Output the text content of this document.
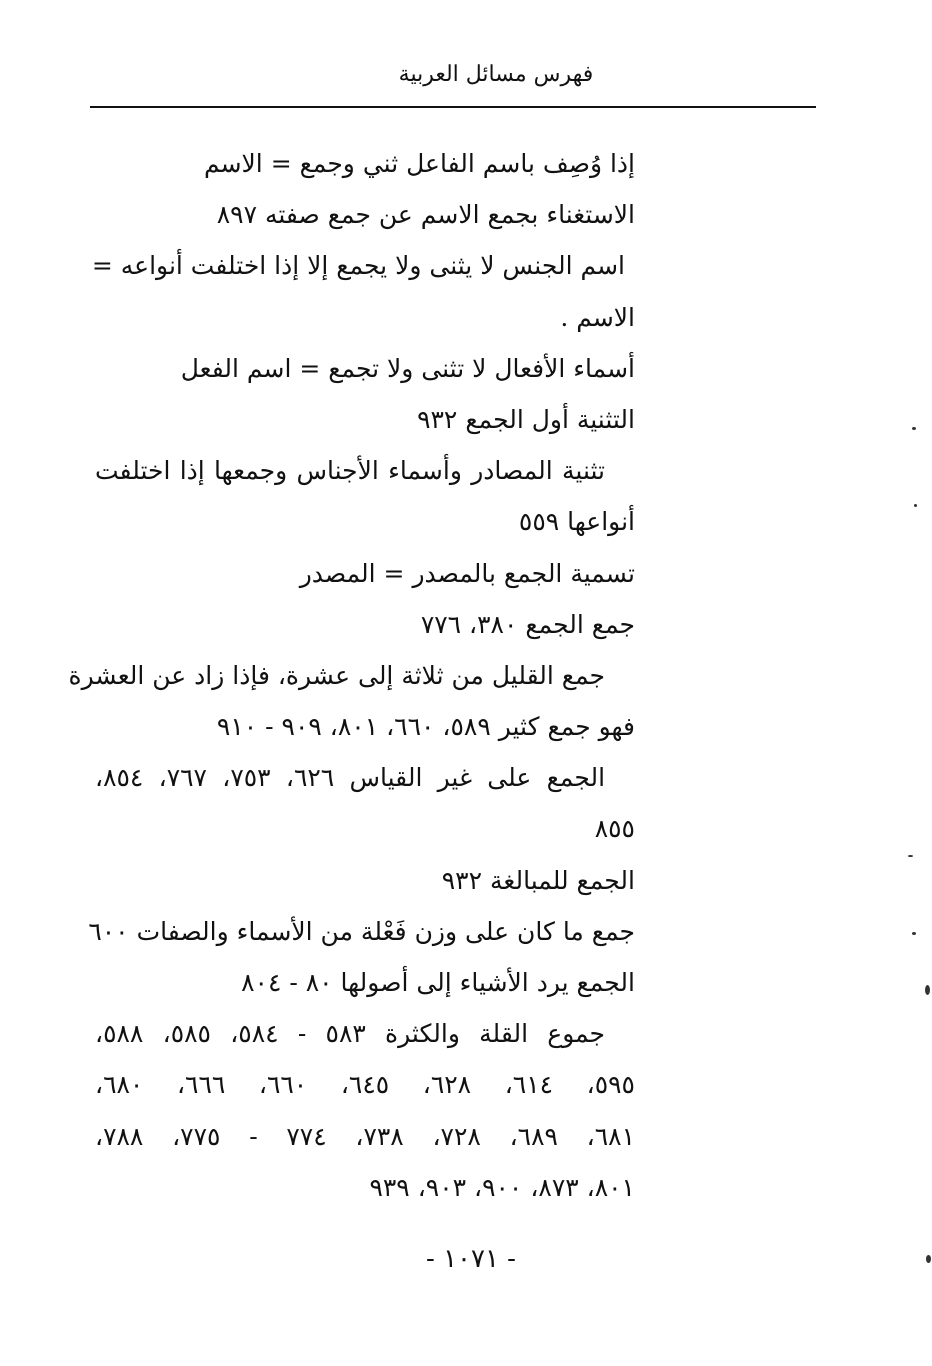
فهرس مسائل العربية
إذا وُصِف باسم الفاعل ثني وجمع = الاسم
الاستغناء بجمع الاسم عن جمع صفته ٨٩٧
اسم الجنس لا يثنى ولا يجمع إلا إذا اختلفت أنواعه =
الاسم .
أسماء الأفعال لا تثنى ولا تجمع = اسم الفعل
التثنية أول الجمع ٩٣٢
تثنية المصادر وأسماء الأجناس وجمعها إذا اختلفت
أنواعها ٥٥٩
تسمية الجمع بالمصدر = المصدر
جمع الجمع ٣٨٠، ٧٧٦
جمع القليل من ثلاثة إلى عشرة، فإذا زاد عن العشرة
فهو جمع كثير ٥٨٩، ٦٦٠، ٨٠١، ٩٠٩ - ٩١٠
الجمع على غير القياس ٦٢٦، ٧٥٣، ٧٦٧، ٨٥٤،
٨٥٥
الجمع للمبالغة ٩٣٢
جمع ما كان على وزن فَعْلة من الأسماء والصفات ٦٠٠
الجمع يرد الأشياء إلى أصولها ٨٠ - ٨٠٤
جموع القلة والكثرة ٥٨٣ - ٥٨٤، ٥٨٥، ٥٨٨،
٥٩٥، ٦١٤، ٦٢٨، ٦٤٥، ٦٦٠، ٦٦٦، ٦٨٠،
٦٨١، ٦٨٩، ٧٢٨، ٧٣٨، ٧٧٤ - ٧٧٥، ٧٨٨،
٨٠١، ٨٧٣، ٩٠٠، ٩٠٣، ٩٣٩
- ١٠٧١ -
